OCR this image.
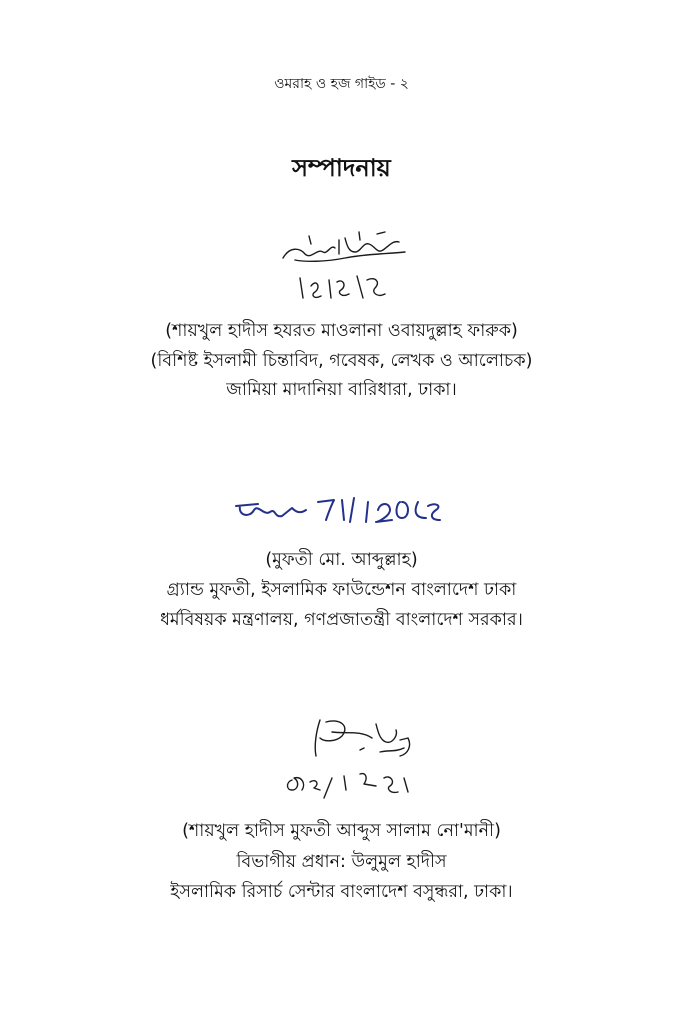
ওমরাহ ও হজ গাইড - ২
সম্পাদনায়
(শায়খুল হাদীস হযরত মাওলানা ওবায়দুল্লাহ ফারুক)
(বিশিষ্ট ইসলামী চিন্তাবিদ, গবেষক, লেখক ও আলোচক)
জামিয়া মাদানিয়া বারিধারা, ঢাকা।
(মুফতী মো. আব্দুল্লাহ)
গ্র্যান্ড মুফতী, ইসলামিক ফাউন্ডেশন বাংলাদেশ ঢাকা
ধর্মবিষয়ক মন্ত্রণালয়, গণপ্রজাতন্ত্রী বাংলাদেশ সরকার।
(শায়খুল হাদীস মুফতী আব্দুস সালাম নো'মানী)
বিভাগীয় প্রধান: উলুমুল হাদীস
ইসলামিক রিসার্চ সেন্টার বাংলাদেশ বসুন্ধরা, ঢাকা।
